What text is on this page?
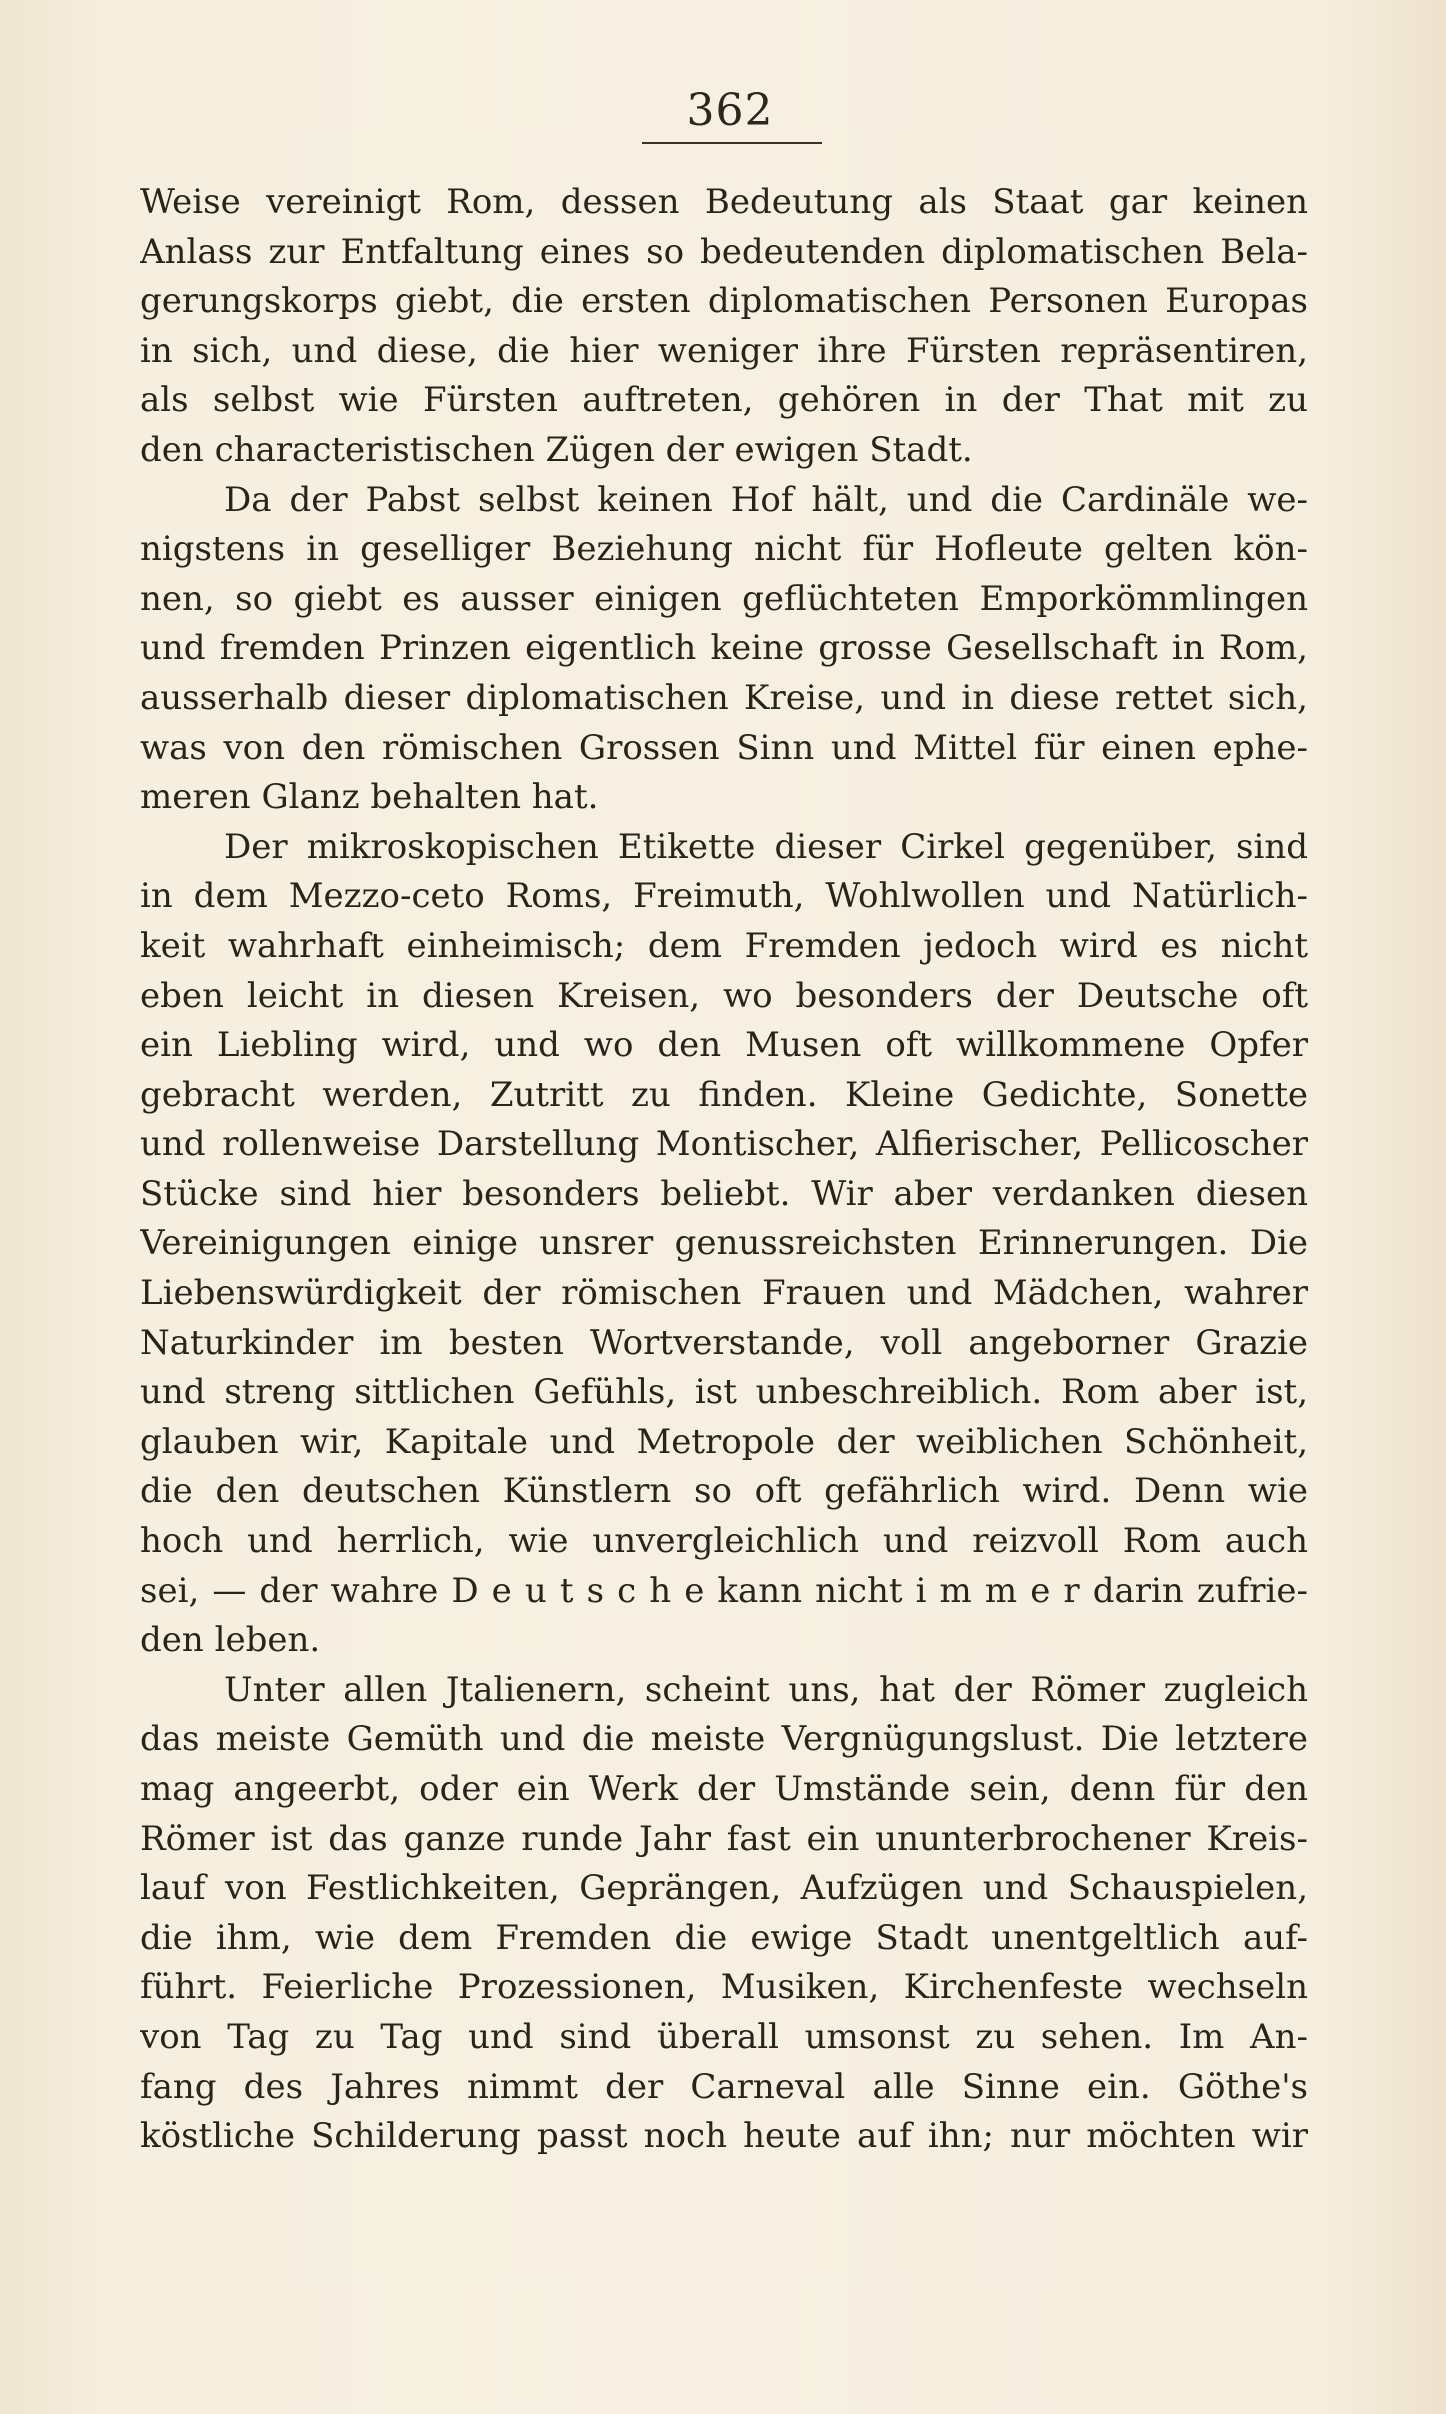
362
Weise vereinigt Rom, dessen Bedeutung als Staat gar keinen
Anlass zur Entfaltung eines so bedeutenden diplomatischen Bela-
gerungskorps giebt, die ersten diplomatischen Personen Europas
in sich, und diese, die hier weniger ihre Fürsten repräsentiren,
als selbst wie Fürsten auftreten, gehören in der That mit zu
den characteristischen Zügen der ewigen Stadt.
Da der Pabst selbst keinen Hof hält, und die Cardinäle we-
nigstens in geselliger Beziehung nicht für Hofleute gelten kön-
nen, so giebt es ausser einigen geflüchteten Emporkömmlingen
und fremden Prinzen eigentlich keine grosse Gesellschaft in Rom,
ausserhalb dieser diplomatischen Kreise, und in diese rettet sich,
was von den römischen Grossen Sinn und Mittel für einen ephe-
meren Glanz behalten hat.
Der mikroskopischen Etikette dieser Cirkel gegenüber, sind
in dem Mezzo-ceto Roms, Freimuth, Wohlwollen und Natürlich-
keit wahrhaft einheimisch; dem Fremden jedoch wird es nicht
eben leicht in diesen Kreisen, wo besonders der Deutsche oft
ein Liebling wird, und wo den Musen oft willkommene Opfer
gebracht werden, Zutritt zu finden. Kleine Gedichte, Sonette
und rollenweise Darstellung Montischer, Alfierischer, Pellicoscher
Stücke sind hier besonders beliebt. Wir aber verdanken diesen
Vereinigungen einige unsrer genussreichsten Erinnerungen. Die
Liebenswürdigkeit der römischen Frauen und Mädchen, wahrer
Naturkinder im besten Wortverstande, voll angeborner Grazie
und streng sittlichen Gefühls, ist unbeschreiblich. Rom aber ist,
glauben wir, Kapitale und Metropole der weiblichen Schönheit,
die den deutschen Künstlern so oft gefährlich wird. Denn wie
hoch und herrlich, wie unvergleichlich und reizvoll Rom auch
sei, — der wahre D e u t s c h e kann nicht i m m e r darin zufrie-
den leben.
Unter allen Jtalienern, scheint uns, hat der Römer zugleich
das meiste Gemüth und die meiste Vergnügungslust. Die letztere
mag angeerbt, oder ein Werk der Umstände sein, denn für den
Römer ist das ganze runde Jahr fast ein ununterbrochener Kreis-
lauf von Festlichkeiten, Geprängen, Aufzügen und Schauspielen,
die ihm, wie dem Fremden die ewige Stadt unentgeltlich auf-
führt. Feierliche Prozessionen, Musiken, Kirchenfeste wechseln
von Tag zu Tag und sind überall umsonst zu sehen. Im An-
fang des Jahres nimmt der Carneval alle Sinne ein. Göthe's
köstliche Schilderung passt noch heute auf ihn; nur möchten wir
